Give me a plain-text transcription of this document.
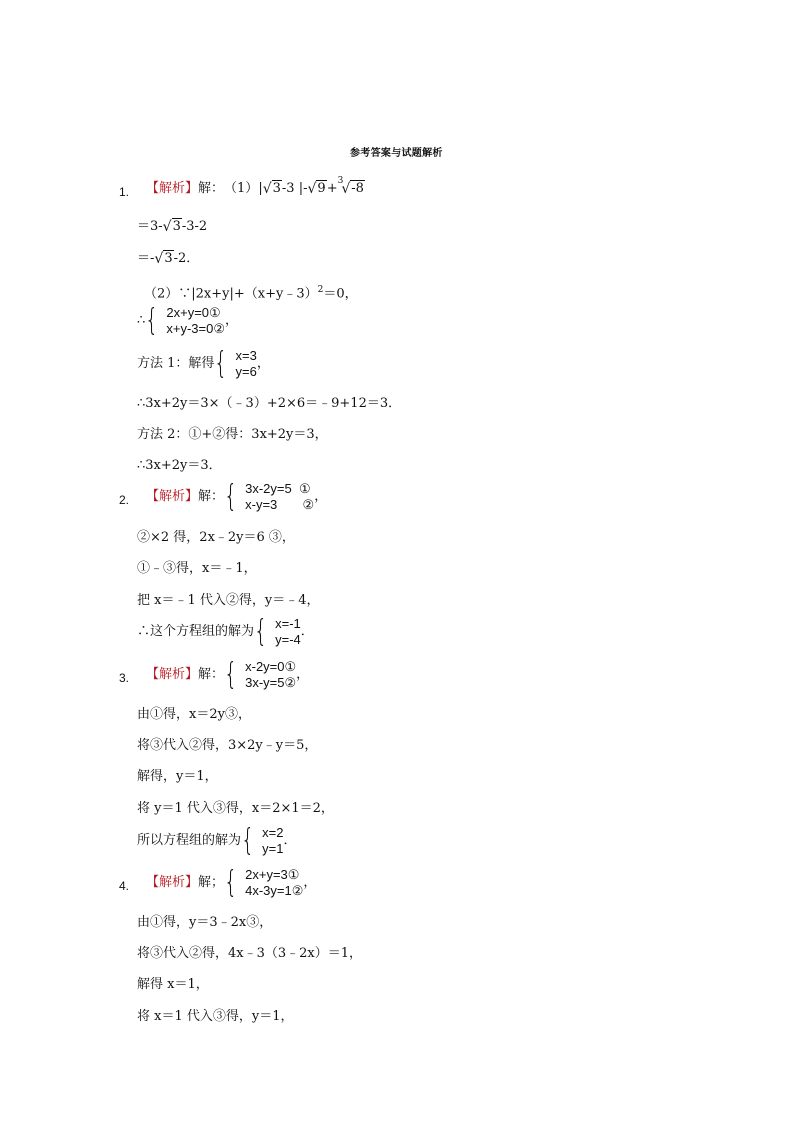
参考答案与试题解析
1. 【解析】 解： （1） | √ 3 -3 | - √ 9 + 3
√ -8
＝3- √ 3 -3-2
＝- √ 3 -2．
（2）∵|2x+y|+（x+y﹣3）$^2$＝0，
∴ { 2x+y=0①
x+y-3=0②
，
方法 1：解得 { x=3
y=6
，
∴3x+2y＝3×（﹣3）+2×6＝﹣9+12＝3．
方法 2：①+②得：3x+2y＝3，
∴3x+2y＝3．
2. 【解析】 解： { 3x-2y=5  ①
x-y=3       ②
，
②×2 得，2x﹣2y＝6 ③，
①﹣③得，x＝﹣1，
把 x＝﹣1 代入②得，y＝﹣4，
∴这个方程组的解为 { x=-1
y=-4
．
3. 【解析】 解： { x-2y=0①
3x-y=5②
，
由①得，x＝2y③，
将③代入②得，3×2y﹣y＝5，
解得，y＝1，
将 y＝1 代入③得，x＝2×1＝2，
所以方程组的解为 { x=2
y=1
．
4. 【解析】 解； { 2x+y=3①
4x-3y=1②
，
由①得，y＝3﹣2x③，
将③代入②得，4x﹣3（3﹣2x）＝1，
解得 x＝1，
将 x＝1 代入③得，y＝1，
